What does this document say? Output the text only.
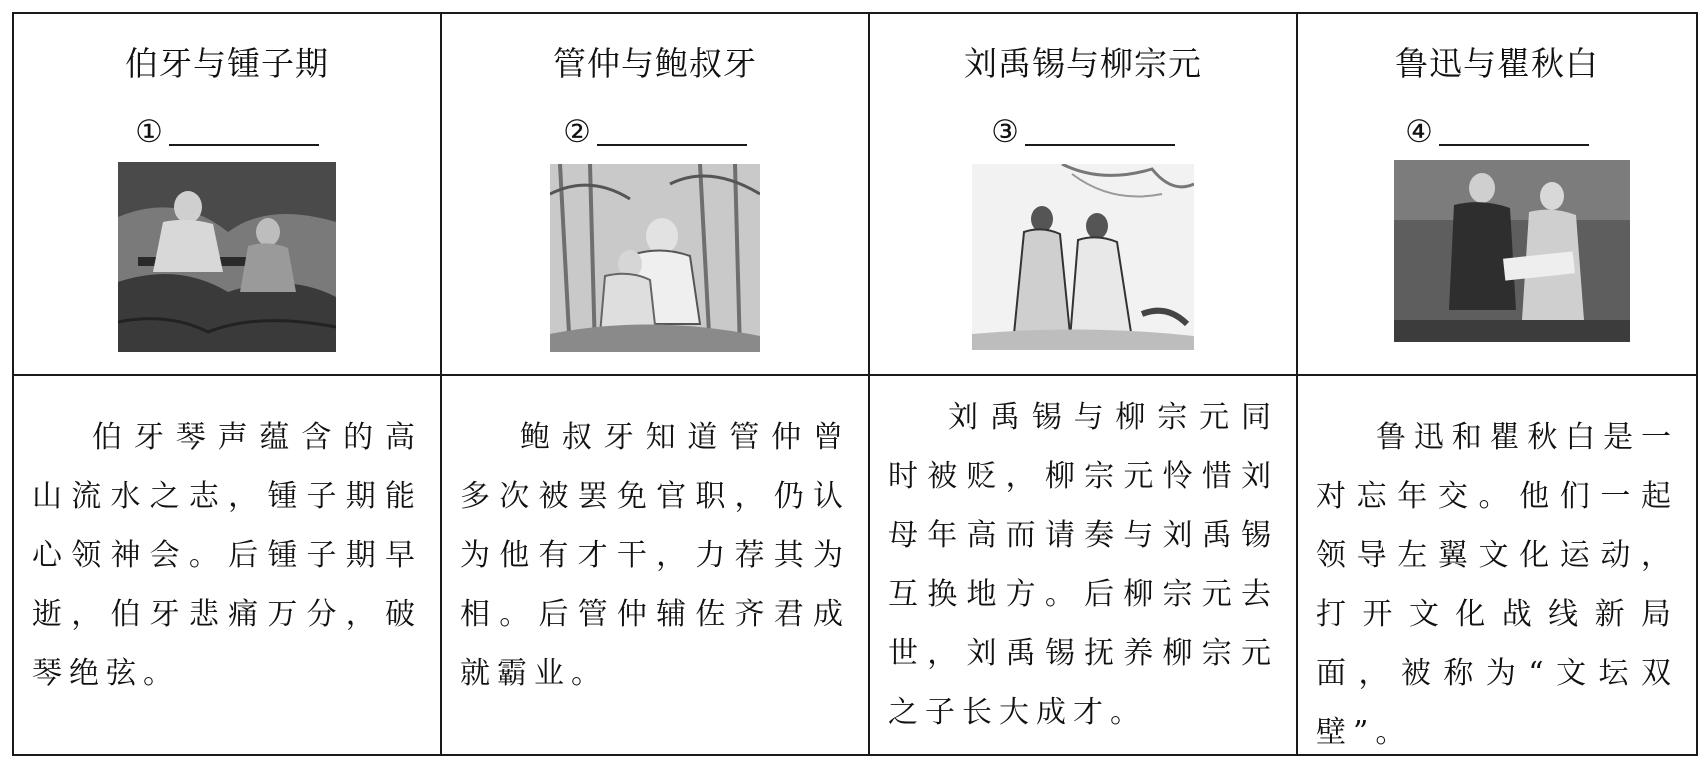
伯牙与锺子期
①
管仲与鲍叔牙
②
刘禹锡与柳宗元
③
鲁迅与瞿秋白
④
伯牙琴声蕴含的高山流水之志，锺子期能心领神会。后锺子期早逝，伯牙悲痛万分，破琴绝弦。
鲍叔牙知道管仲曾多次被罢免官职，仍认为他有才干，力荐其为相。后管仲辅佐齐君成就霸业。
刘禹锡与柳宗元同时被贬，柳宗元怜惜刘母年高而请奏与刘禹锡互换地方。后柳宗元去世，刘禹锡抚养柳宗元之子长大成才。
鲁迅和瞿秋白是一对忘年交。他们一起领导左翼文化运动，打开文化战线新局面，被称为“文坛双壁”。
